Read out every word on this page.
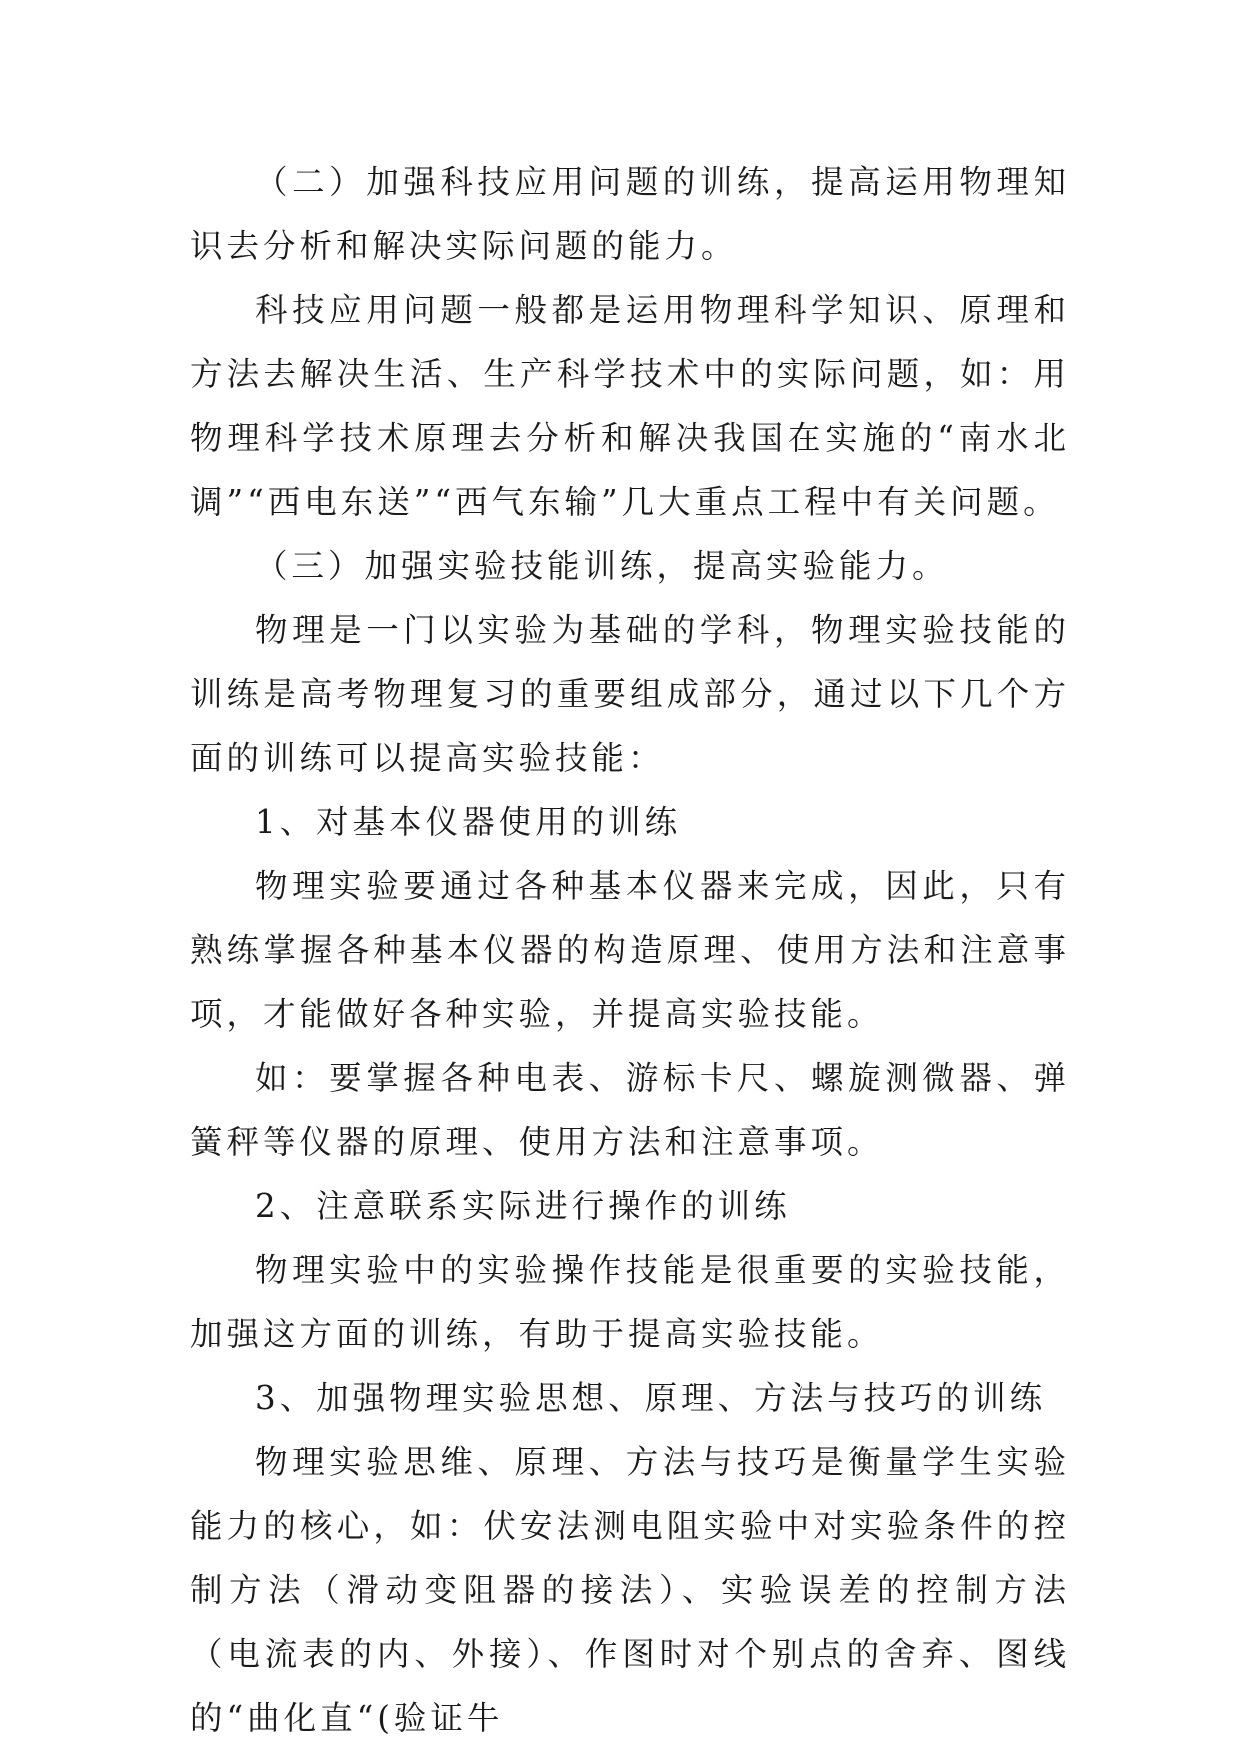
（二）加强科技应用问题的训练，提高运用物理知识去分析和解决实际问题的能力。

科技应用问题一般都是运用物理科学知识、原理和方法去解决生活、生产科学技术中的实际问题，如：用物理科学技术原理去分析和解决我国在实施的“南水北调”“西电东送”“西气东输”几大重点工程中有关问题。

（三）加强实验技能训练，提高实验能力。

物理是一门以实验为基础的学科，物理实验技能的训练是高考物理复习的重要组成部分，通过以下几个方面的训练可以提高实验技能：

1、对基本仪器使用的训练

物理实验要通过各种基本仪器来完成，因此，只有熟练掌握各种基本仪器的构造原理、使用方法和注意事项，才能做好各种实验，并提高实验技能。

如：要掌握各种电表、游标卡尺、螺旋测微器、弹簧秤等仪器的原理、使用方法和注意事项。

2、注意联系实际进行操作的训练

物理实验中的实验操作技能是很重要的实验技能，加强这方面的训练，有助于提高实验技能。

3、加强物理实验思想、原理、方法与技巧的训练

物理实验思维、原理、方法与技巧是衡量学生实验能力的核心，如：伏安法测电阻实验中对实验条件的控制方法（滑动变阻器的接法）、实验误差的控制方法（电流表的内、外接）、作图时对个别点的舍弃、图线的“曲化直“(验证牛
